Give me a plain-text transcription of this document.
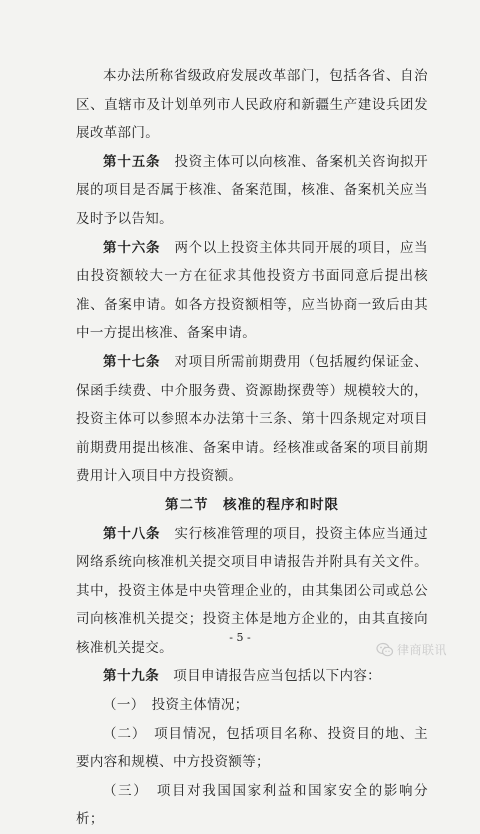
本办法所称省级政府发展改革部门，包括各省、自治区、直辖市及计划单列市人民政府和新疆生产建设兵团发展改革部门。

第十五条  投资主体可以向核准、备案机关咨询拟开展的项目是否属于核准、备案范围，核准、备案机关应当及时予以告知。

第十六条  两个以上投资主体共同开展的项目，应当由投资额较大一方在征求其他投资方书面同意后提出核准、备案申请。如各方投资额相等，应当协商一致后由其中一方提出核准、备案申请。

第十七条  对项目所需前期费用（包括履约保证金、保函手续费、中介服务费、资源勘探费等）规模较大的，投资主体可以参照本办法第十三条、第十四条规定对项目前期费用提出核准、备案申请。经核准或备案的项目前期费用计入项目中方投资额。

第二节　核准的程序和时限

第十八条  实行核准管理的项目，投资主体应当通过网络系统向核准机关提交项目申请报告并附具有关文件。其中，投资主体是中央管理企业的，由其集团公司或总公司向核准机关提交；投资主体是地方企业的，由其直接向核准机关提交。

第十九条  项目申请报告应当包括以下内容：

（一）  投资主体情况；

（二）  项目情况，包括项目名称、投资目的地、主要内容和规模、中方投资额等；

（三）  项目对我国国家利益和国家安全的影响分析；

- 5 -
律商联讯
